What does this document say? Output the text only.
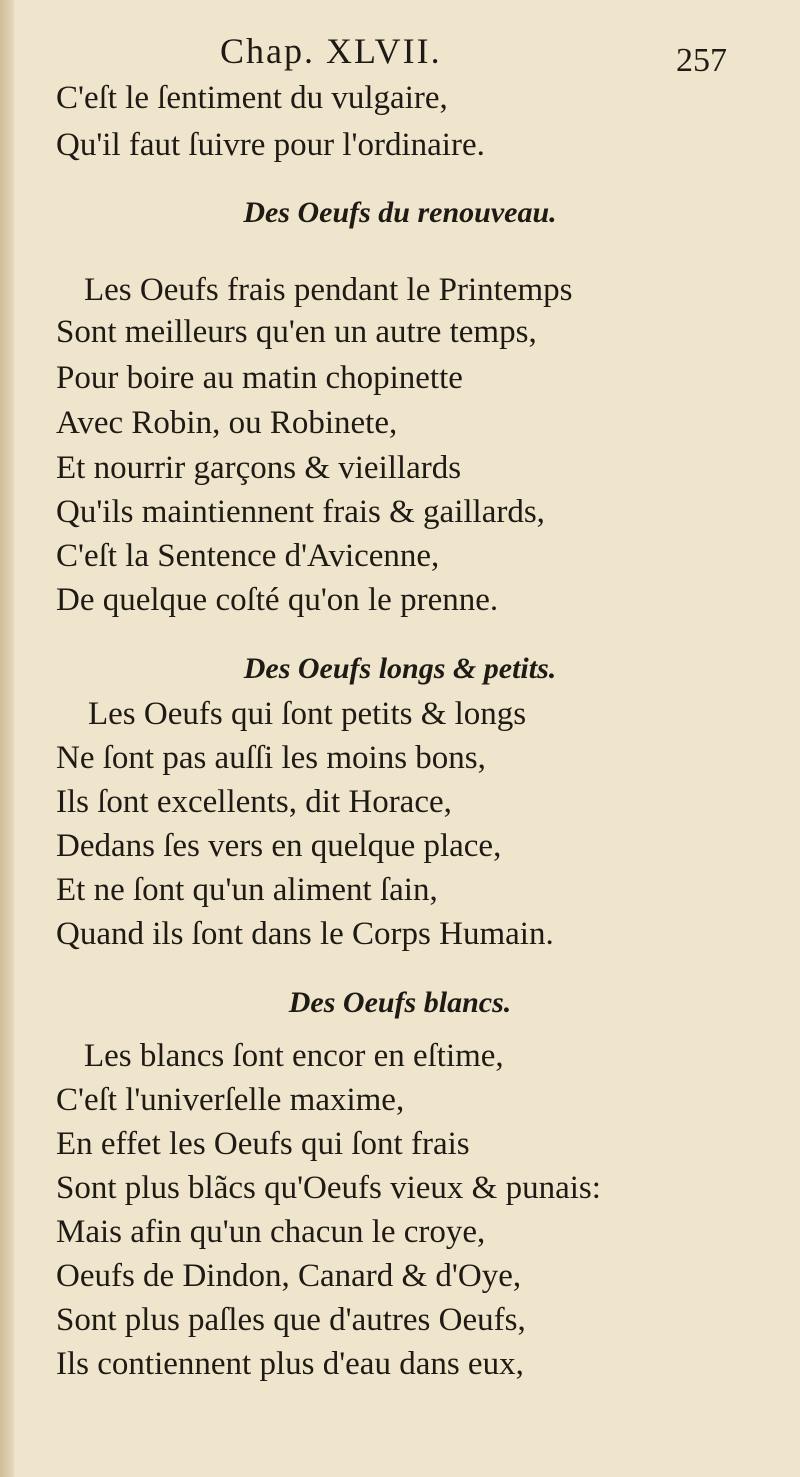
Chap. XLVII.	257
C'eſt le ſentiment du vulgaire,
Qu'il faut ſuivre pour l'ordinaire.
Des Oeufs du renouveau.
Les Oeufs frais pendant le Printemps
Sont meilleurs qu'en un autre temps,
Pour boire au matin chopinette
Avec Robin, ou Robinete,
Et nourrir garçons & vieillards
Qu'ils maintiennent frais & gaillards,
C'eſt la Sentence d'Avicenne,
De quelque coſté qu'on le prenne.
Des Oeufs longs & petits.
Les Oeufs qui ſont petits & longs
Ne ſont pas auſſi les moins bons,
Ils ſont excellents, dit Horace,
Dedans ſes vers en quelque place,
Et ne ſont qu'un aliment ſain,
Quand ils ſont dans le Corps Humain.
Des Oeufs blancs.
Les blancs ſont encor en eſtime,
C'eſt l'univerſelle maxime,
En effet les Oeufs qui ſont frais
Sont plus blãcs qu'Oeufs vieux & punais:
Mais afin qu'un chacun le croye,
Oeufs de Dindon, Canard & d'Oye,
Sont plus paſles que d'autres Oeufs,
Ils contiennent plus d'eau dans eux,
